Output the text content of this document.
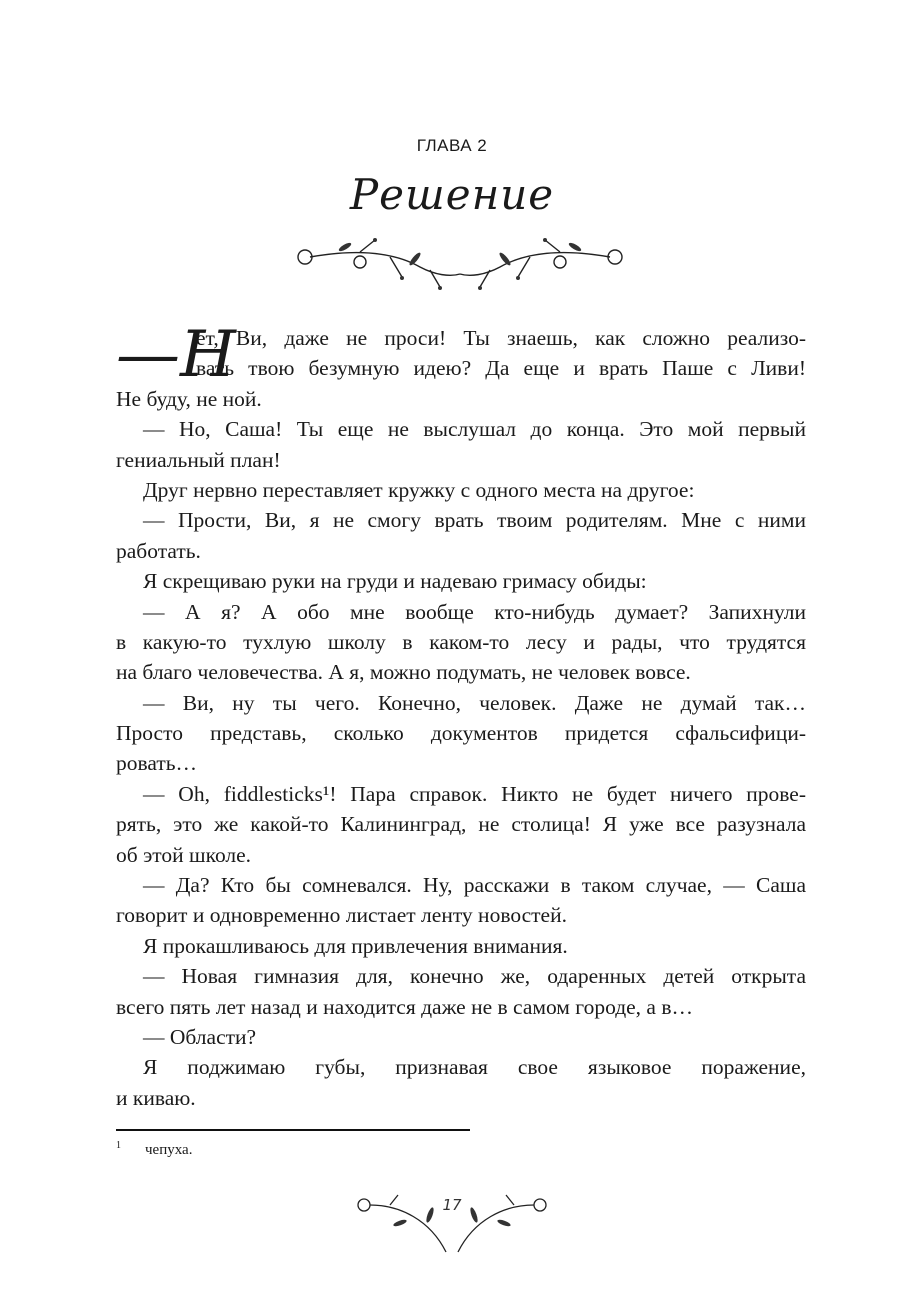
ГЛАВА 2
Решение
—Н
ет, Ви, даже не проси! Ты знаешь, как сложно реализо-
вать твою безумную идею? Да еще и врать Паше с Ливи!
Не буду, не ной.
— Но, Саша! Ты еще не выслушал до конца. Это мой первый
гениальный план!
Друг нервно переставляет кружку с одного места на другое:
— Прости, Ви, я не смогу врать твоим родителям. Мне с ними
работать.
Я скрещиваю руки на груди и надеваю гримасу обиды:
— А я? А обо мне вообще кто-нибудь думает? Запихнули
в какую-то тухлую школу в каком-то лесу и рады, что трудятся
на благо человечества. А я, можно подумать, не человек вовсе.
— Ви, ну ты чего. Конечно, человек. Даже не думай так…
Просто представь, сколько документов придется сфальсифици-
ровать…
— Oh, fiddlesticks¹! Пара справок. Никто не будет ничего прове-
рять, это же какой-то Калининград, не столица! Я уже все разузнала
об этой школе.
— Да? Кто бы сомневался. Ну, расскажи в таком случае, — Саша
говорит и одновременно листает ленту новостей.
Я прокашливаюсь для привлечения внимания.
— Новая гимназия для, конечно же, одаренных детей открыта
всего пять лет назад и находится даже не в самом городе, а в…
— Области?
Я поджимаю губы, признавая свое языковое поражение,
и киваю.
1 чепуха.
17
